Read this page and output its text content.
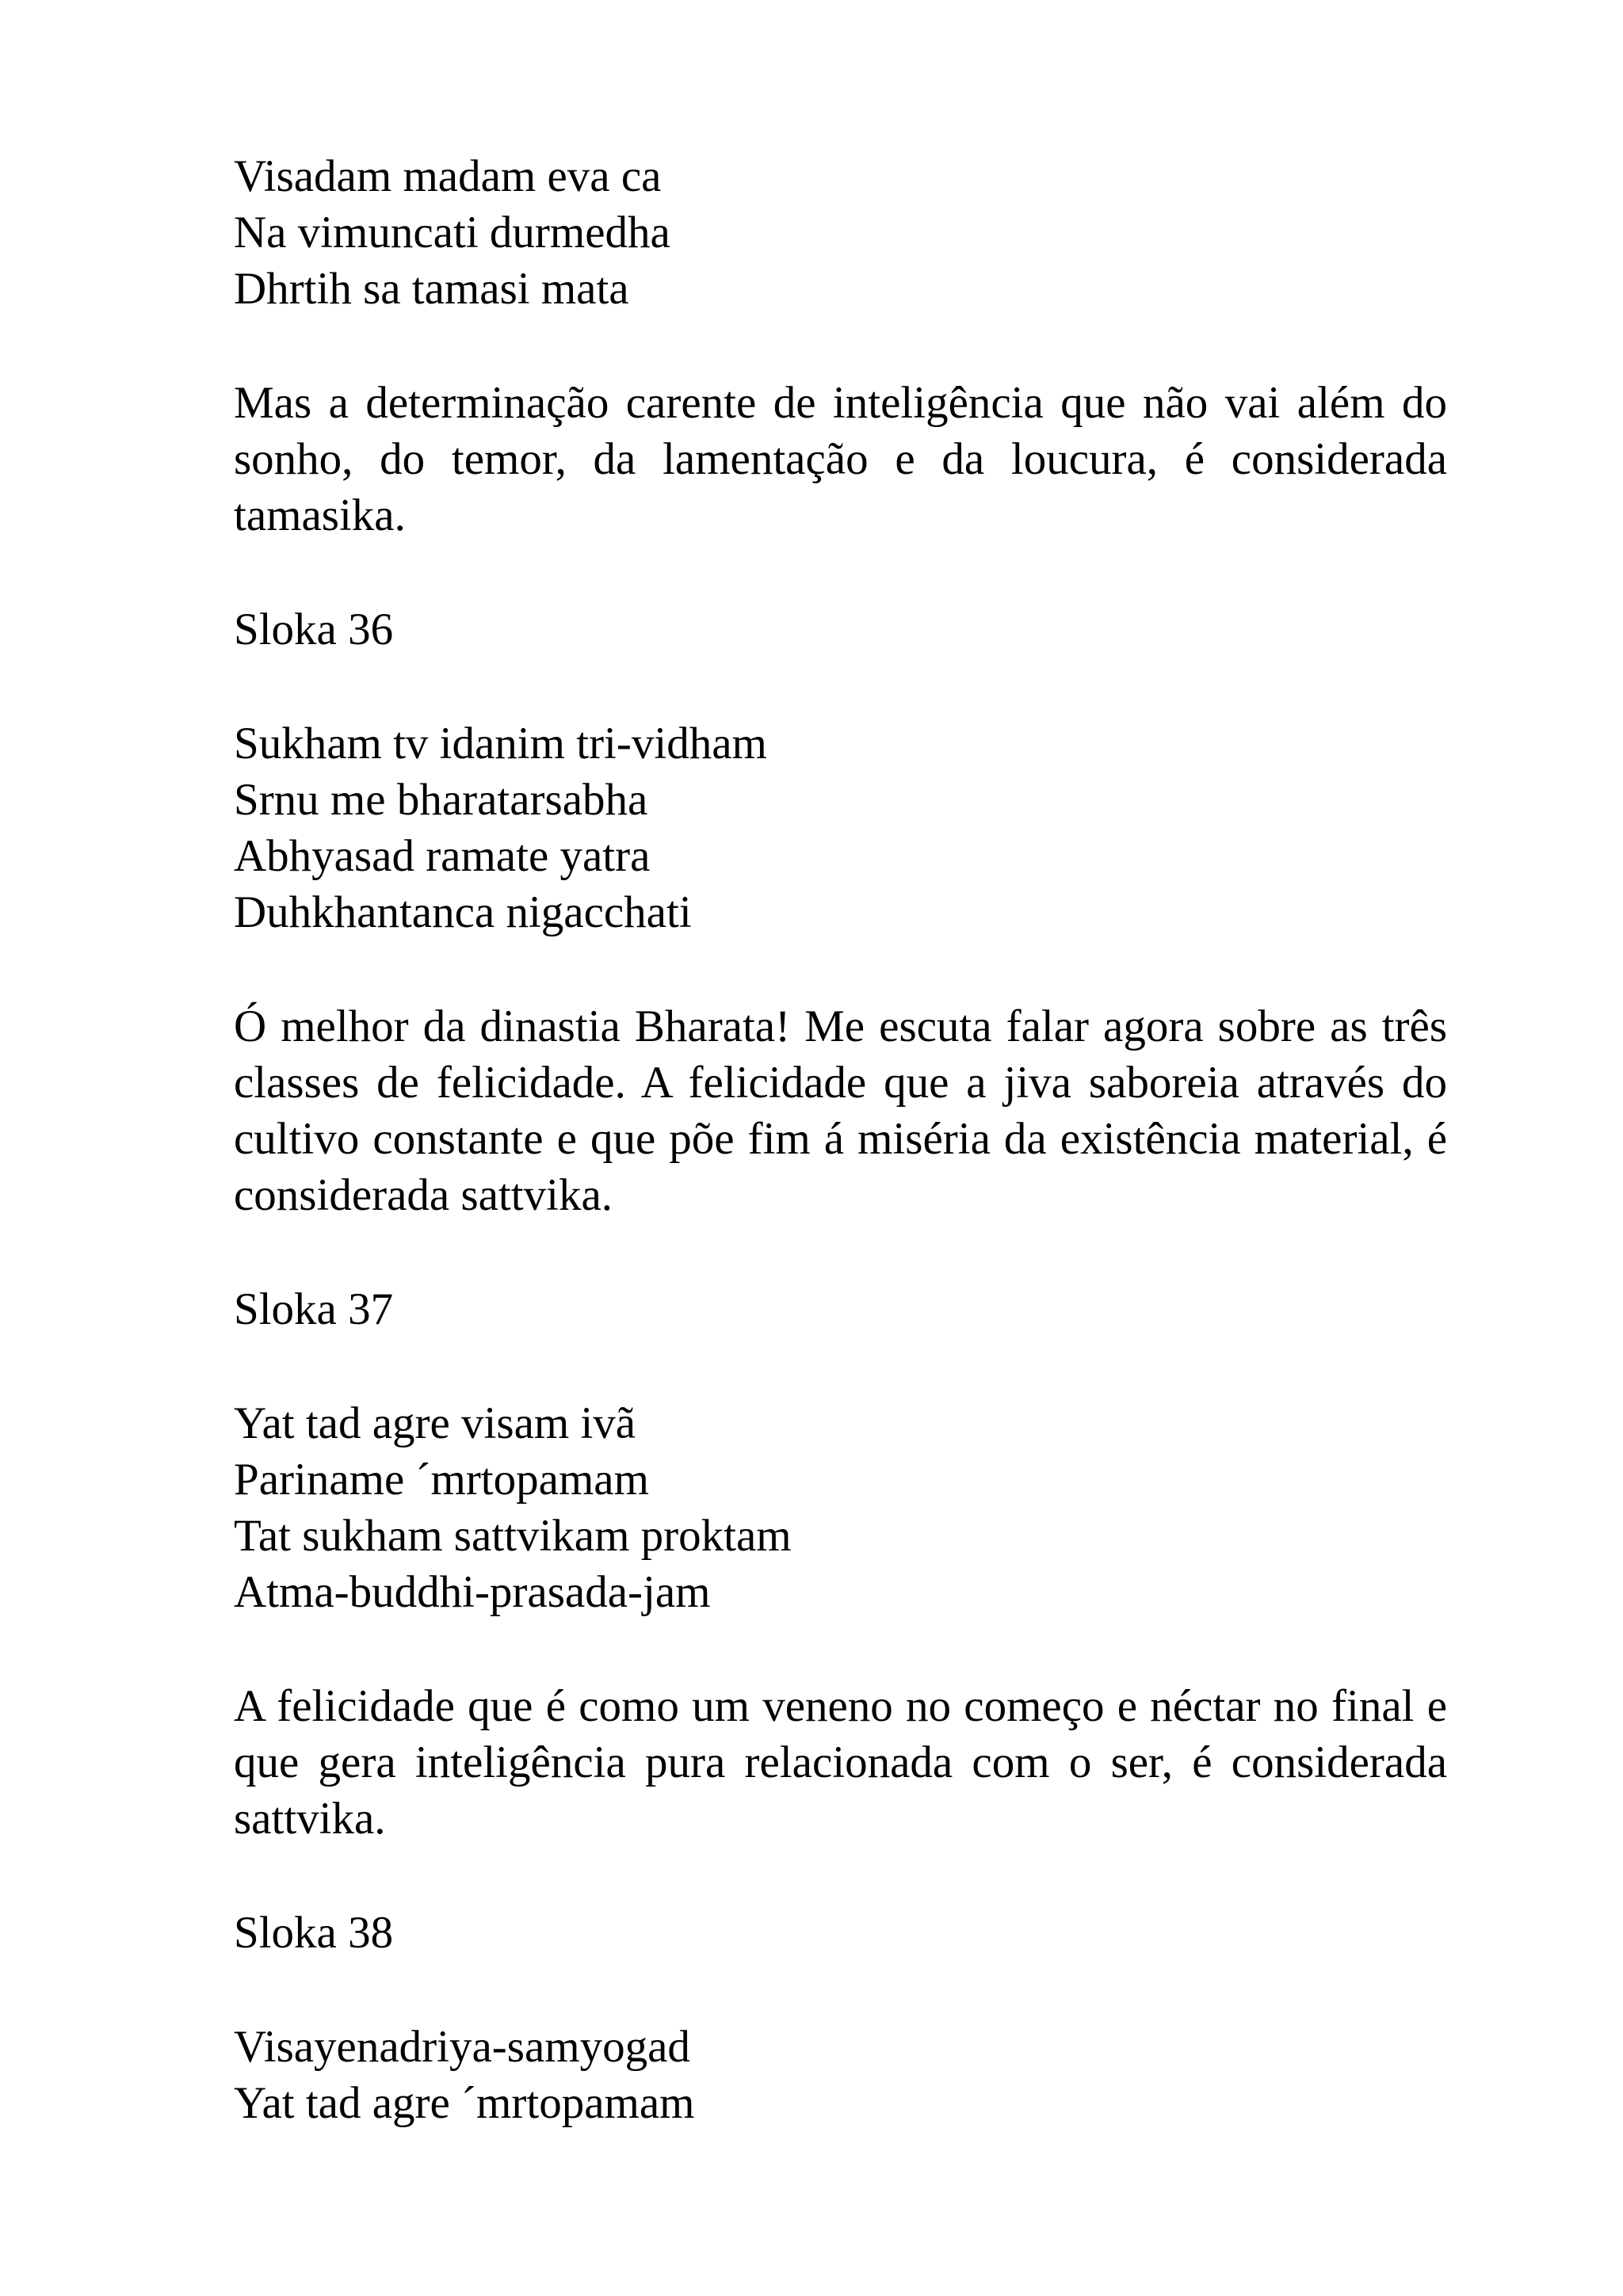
Visadam madam eva ca
Na vimuncati durmedha
Dhrtih sa tamasi mata

Mas a determinação carente de inteligência que não vai além do sonho, do temor, da lamentação e da loucura, é considerada tamasika.

Sloka 36

Sukham tv idanim tri-vidham
Srnu me bharatarsabha
Abhyasad ramate yatra
Duhkhantanca nigacchati

Ó melhor da dinastia Bharata! Me escuta falar agora sobre as três classes de felicidade. A felicidade que a jiva saboreia através do cultivo constante e que põe fim á miséria da existência material, é considerada sattvika.

Sloka 37

Yat tad agre visam ivã
Pariname ´mrtopamam
Tat sukham sattvikam proktam
Atma-buddhi-prasada-jam

A felicidade que é como um veneno no começo e néctar no final e que gera inteligência pura relacionada com o ser, é considerada sattvika.

Sloka 38

Visayenadriya-samyogad
Yat tad agre ´mrtopamam
